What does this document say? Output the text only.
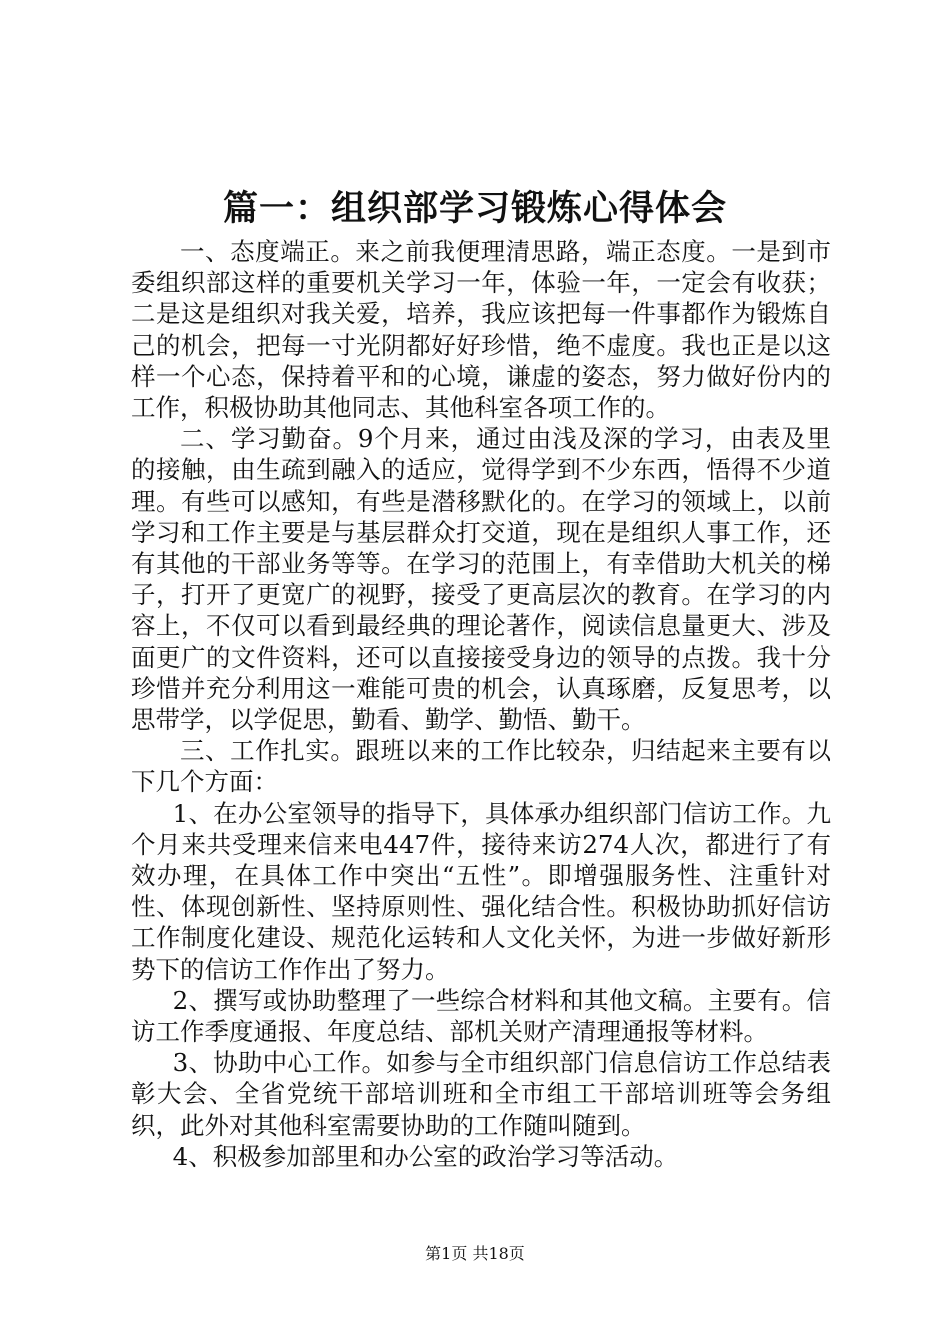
篇一：组织部学习锻炼心得体会

一、态度端正。来之前我便理清思路，端正态度。一是到市委组织部这样的重要机关学习一年，体验一年，一定会有收获；二是这是组织对我关爱，培养，我应该把每一件事都作为锻炼自己的机会，把每一寸光阴都好好珍惜，绝不虚度。我也正是以这样一个心态，保持着平和的心境，谦虚的姿态，努力做好份内的工作，积极协助其他同志、其他科室各项工作的。

二、学习勤奋。9个月来，通过由浅及深的学习，由表及里的接触，由生疏到融入的适应，觉得学到不少东西，悟得不少道理。有些可以感知，有些是潜移默化的。在学习的领域上，以前学习和工作主要是与基层群众打交道，现在是组织人事工作，还有其他的干部业务等等。在学习的范围上，有幸借助大机关的梯子，打开了更宽广的视野，接受了更高层次的教育。在学习的内容上，不仅可以看到最经典的理论著作，阅读信息量更大、涉及面更广的文件资料，还可以直接接受身边的领导的点拨。我十分珍惜并充分利用这一难能可贵的机会，认真琢磨，反复思考，以思带学，以学促思，勤看、勤学、勤悟、勤干。

三、工作扎实。跟班以来的工作比较杂，归结起来主要有以下几个方面：

1、在办公室领导的指导下，具体承办组织部门信访工作。九个月来共受理来信来电447件，接待来访274人次，都进行了有效办理，在具体工作中突出“五性”。即增强服务性、注重针对性、体现创新性、坚持原则性、强化结合性。积极协助抓好信访工作制度化建设、规范化运转和人文化关怀，为进一步做好新形势下的信访工作作出了努力。

2、撰写或协助整理了一些综合材料和其他文稿。主要有。信访工作季度通报、年度总结、部机关财产清理通报等材料。

3、协助中心工作。如参与全市组织部门信息信访工作总结表彰大会、全省党统干部培训班和全市组工干部培训班等会务组织，此外对其他科室需要协助的工作随叫随到。

4、积极参加部里和办公室的政治学习等活动。

第1页 共18页
